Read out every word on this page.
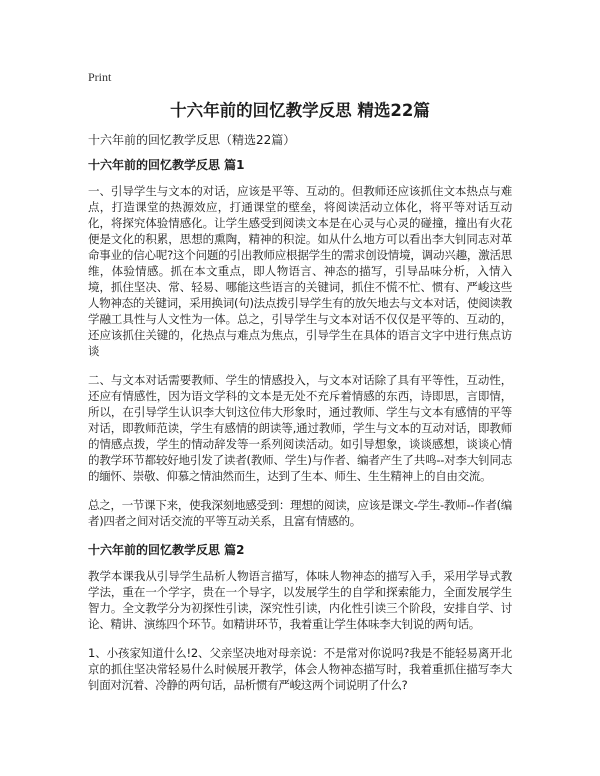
Print
十六年前的回忆教学反思 精选22篇

十六年前的回忆教学反思（精选22篇）

十六年前的回忆教学反思 篇1

一、引导学生与文本的对话，应该是平等、互动的。但教师还应该抓住文本热点与难点，打造课堂的热源效应，打通课堂的壁垒，将阅读活动立体化，将平等对话互动化，将探究体验情感化。让学生感受到阅读文本是在心灵与心灵的碰撞，撞出有火花便是文化的积累，思想的熏陶，精神的积淀。如从什么地方可以看出李大钊同志对革命事业的信心呢?这个问题的引出教师应根据学生的需求创设情境，调动兴趣，激活思维，体验情感。抓在本文重点，即人物语言、神态的描写，引导品味分析，入情入境，抓住坚决、常、轻易、哪能这些语言的关键词，抓住不慌不忙、惯有、严峻这些人物神态的关键词，采用换词(句)法点拨引导学生有的放矢地去与文本对话，使阅读教学融工具性与人文性为一体。总之，引导学生与文本对话不仅仅是平等的、互动的，还应该抓住关键的，化热点与难点为焦点，引导学生在具体的语言文字中进行焦点访谈

二、与文本对话需要教师、学生的情感投入，与文本对话除了具有平等性，互动性，还应有情感性，因为语文学科的文本是无处不充斥着情感的东西，诗即思，言即情，所以，在引导学生认识李大钊这位伟大形象时，通过教师、学生与文本有感情的平等对话，即教师范读，学生有感情的朗读等,通过教师，学生与文本的互动对话，即教师的情感点拨，学生的情动辞发等一系列阅读活动。如引导想象，谈谈感想，谈谈心情的教学环节都较好地引发了读者(教师、学生)与作者、编者产生了共鸣--对李大钊同志的缅怀、崇敬、仰慕之情油然而生，达到了生本、师生、生生精神上的自由交流。

总之，一节课下来，使我深刻地感受到：理想的阅读，应该是课文-学生-教师--作者(编者)四者之间对话交流的平等互动关系，且富有情感的。

十六年前的回忆教学反思 篇2

教学本课我从引导学生品析人物语言描写，体味人物神态的描写入手，采用学导式教学法，重在一个学字，贵在一个导字，以发展学生的自学和探索能力，全面发展学生智力。全文教学分为初探性引读，深究性引读，内化性引读三个阶段，安排自学、讨论、精讲、演练四个环节。如精讲环节，我着重让学生体味李大钊说的两句话。

1、小孩家知道什么!2、父亲坚决地对母亲说：不是常对你说吗?我是不能轻易离开北京的抓住坚决常轻易什么时候展开教学，体会人物神态描写时，我着重抓住描写李大钊面对沉着、冷静的两句话，品析惯有严峻这两个词说明了什么?
